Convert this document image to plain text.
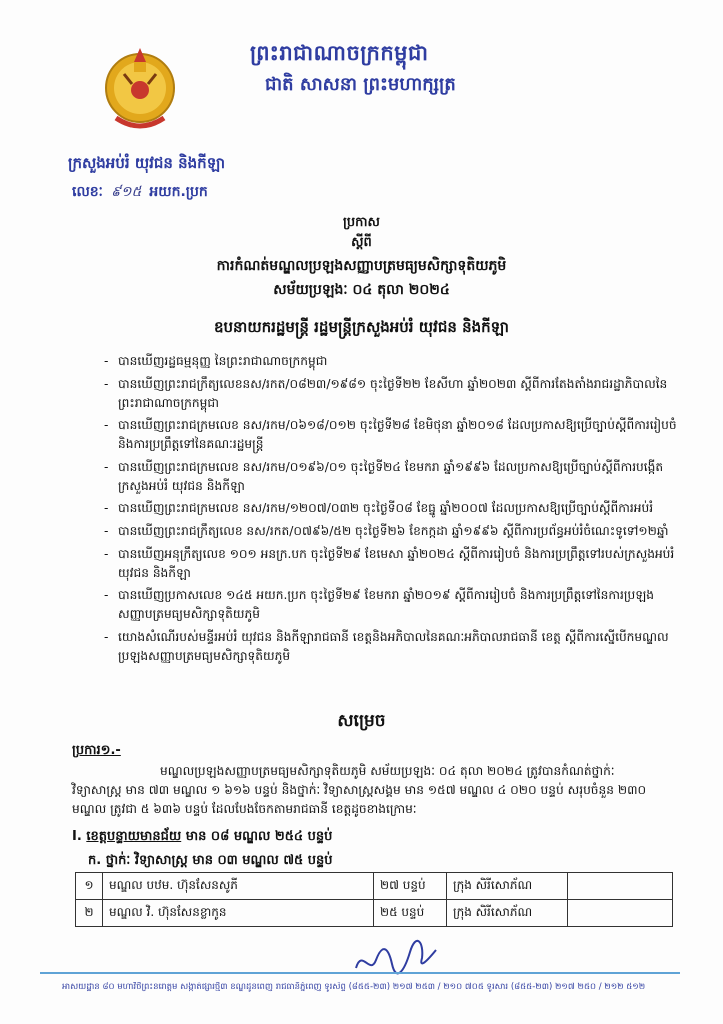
ព្រះរាជាណាចក្រកម្ពុជា
ជាតិ សាសនា ព្រះមហាក្សត្រ
ក្រសួងអប់រំ យុវជន និងកីឡា
លេខៈ ៩១៥ អយក.ប្រក
ប្រកាស
ស្តីពី
ការកំណត់មណ្ឌលប្រឡងសញ្ញាបត្រមធ្យមសិក្សាទុតិយភូមិ
សម័យប្រឡងៈ ០៤ តុលា ២០២៤
ឧបនាយករដ្ឋមន្ត្រី រដ្ឋមន្ត្រីក្រសួងអប់រំ យុវជន និងកីឡា
- បានឃើញរដ្ឋធម្មនុញ្ញ នៃព្រះរាជាណាចក្រកម្ពុជា
- បានឃើញព្រះរាជក្រឹត្យលេខនស/រកត/០៨២៣/១៩៨១ ចុះថ្ងៃទី២២ ខែសីហា ឆ្នាំ២០២៣ ស្តីពីការតែងតាំងរាជរដ្ឋាភិបាលនៃព្រះរាជាណាចក្រកម្ពុជា
- បានឃើញព្រះរាជក្រមលេខ នស/រកម/០៦១៨/០១២ ចុះថ្ងៃទី២៨ ខែមិថុនា ឆ្នាំ២០១៨ ដែលប្រកាសឱ្យប្រើច្បាប់ស្តីពីការរៀបចំ និងការប្រព្រឹត្តទៅនៃគណៈរដ្ឋមន្ត្រី
- បានឃើញព្រះរាជក្រមលេខ នស/រកម/០១៩៦/០១ ចុះថ្ងៃទី២៤ ខែមករា ឆ្នាំ១៩៩៦ ដែលប្រកាសឱ្យប្រើច្បាប់ស្តីពីការបង្កើតក្រសួងអប់រំ យុវជន និងកីឡា
- បានឃើញព្រះរាជក្រមលេខ នស/រកម/១២០៧/០៣២ ចុះថ្ងៃទី០៨ ខែធ្នូ ឆ្នាំ២០០៧ ដែលប្រកាសឱ្យប្រើច្បាប់ស្តីពីការអប់រំ
- បានឃើញព្រះរាជក្រឹត្យលេខ នស/រកត/០៧៩៦/៥២ ចុះថ្ងៃទី២៦ ខែកក្កដា ឆ្នាំ១៩៩៦ ស្តីពីការប្រព័ន្ធអប់រំចំណេះទូទៅ១២ឆ្នាំ
- បានឃើញអនុក្រឹត្យលេខ ១០១ អនក្រ.បក ចុះថ្ងៃទី២៩ ខែមេសា ឆ្នាំ២០២៤ ស្តីពីការរៀបចំ និងការប្រព្រឹត្តទៅរបស់ក្រសួងអប់រំ យុវជន និងកីឡា
- បានឃើញប្រកាសលេខ ១៤៥ អយក.ប្រក ចុះថ្ងៃទី២៩ ខែមករា ឆ្នាំ២០១៩ ស្តីពីការរៀបចំ និងការប្រព្រឹត្តទៅនៃការប្រឡងសញ្ញាបត្រមធ្យមសិក្សាទុតិយភូមិ
- យោងសំណើរបស់មន្ទីរអប់រំ យុវជន និងកីឡារាជធានី ខេត្តនិងអភិបាលនៃគណៈអភិបាលរាជធានី ខេត្ត ស្តីពីការស្នើបើកមណ្ឌលប្រឡងសញ្ញាបត្រមធ្យមសិក្សាទុតិយភូមិ
សម្រេច
ប្រការ១.-
មណ្ឌលប្រឡងសញ្ញាបត្រមធ្យមសិក្សាទុតិយភូមិ សម័យប្រឡងៈ ០៤ តុលា ២០២៤ ត្រូវបានកំណត់ថ្នាក់ៈ វិទ្យាសាស្ត្រ មាន ៧៣ មណ្ឌល ១ ៦១៦ បន្ទប់ និងថ្នាក់ៈ វិទ្យាសាស្ត្រសង្គម មាន ១៥៧ មណ្ឌល ៤ ០២០ បន្ទប់ សរុបចំនួន ២៣០ មណ្ឌល ត្រូវជា ៥ ៦៣៦ បន្ទប់ ដែលបែងចែកតាមរាជធានី ខេត្តដូចខាងក្រោមៈ
I. ខេត្តបន្ទាយមានជ័យ មាន ០៨ មណ្ឌល ២៥៤ បន្ទប់
ក. ថ្នាក់ៈ វិទ្យាសាស្ត្រ មាន ០៣ មណ្ឌល ៧៥ បន្ទប់
១	មណ្ឌល បឋម. ហ៊ុនសែនសូភី	២៧ បន្ទប់	ក្រុង សិរីសោភ័ណ	
២	មណ្ឌល វិ. ហ៊ុនសែនខ្លាកូន	២៥ បន្ទប់	ក្រុង សិរីសោភ័ណ	
អាសយដ្ឋាន ៨០ មហាវិថីព្រះនរោត្តម សង្កាត់ផ្សារថ្មី៣ ខណ្ឌដូនពេញ រាជធានីភ្នំពេញ ទូរស័ព្ទ (៨៥៥-២៣) ២១៧ ២៥៣ / ២១០ ៧០៥ ទូរសារ (៨៥៥-២៣) ២១៧ ២៥០ / ២១២ ៥១២
